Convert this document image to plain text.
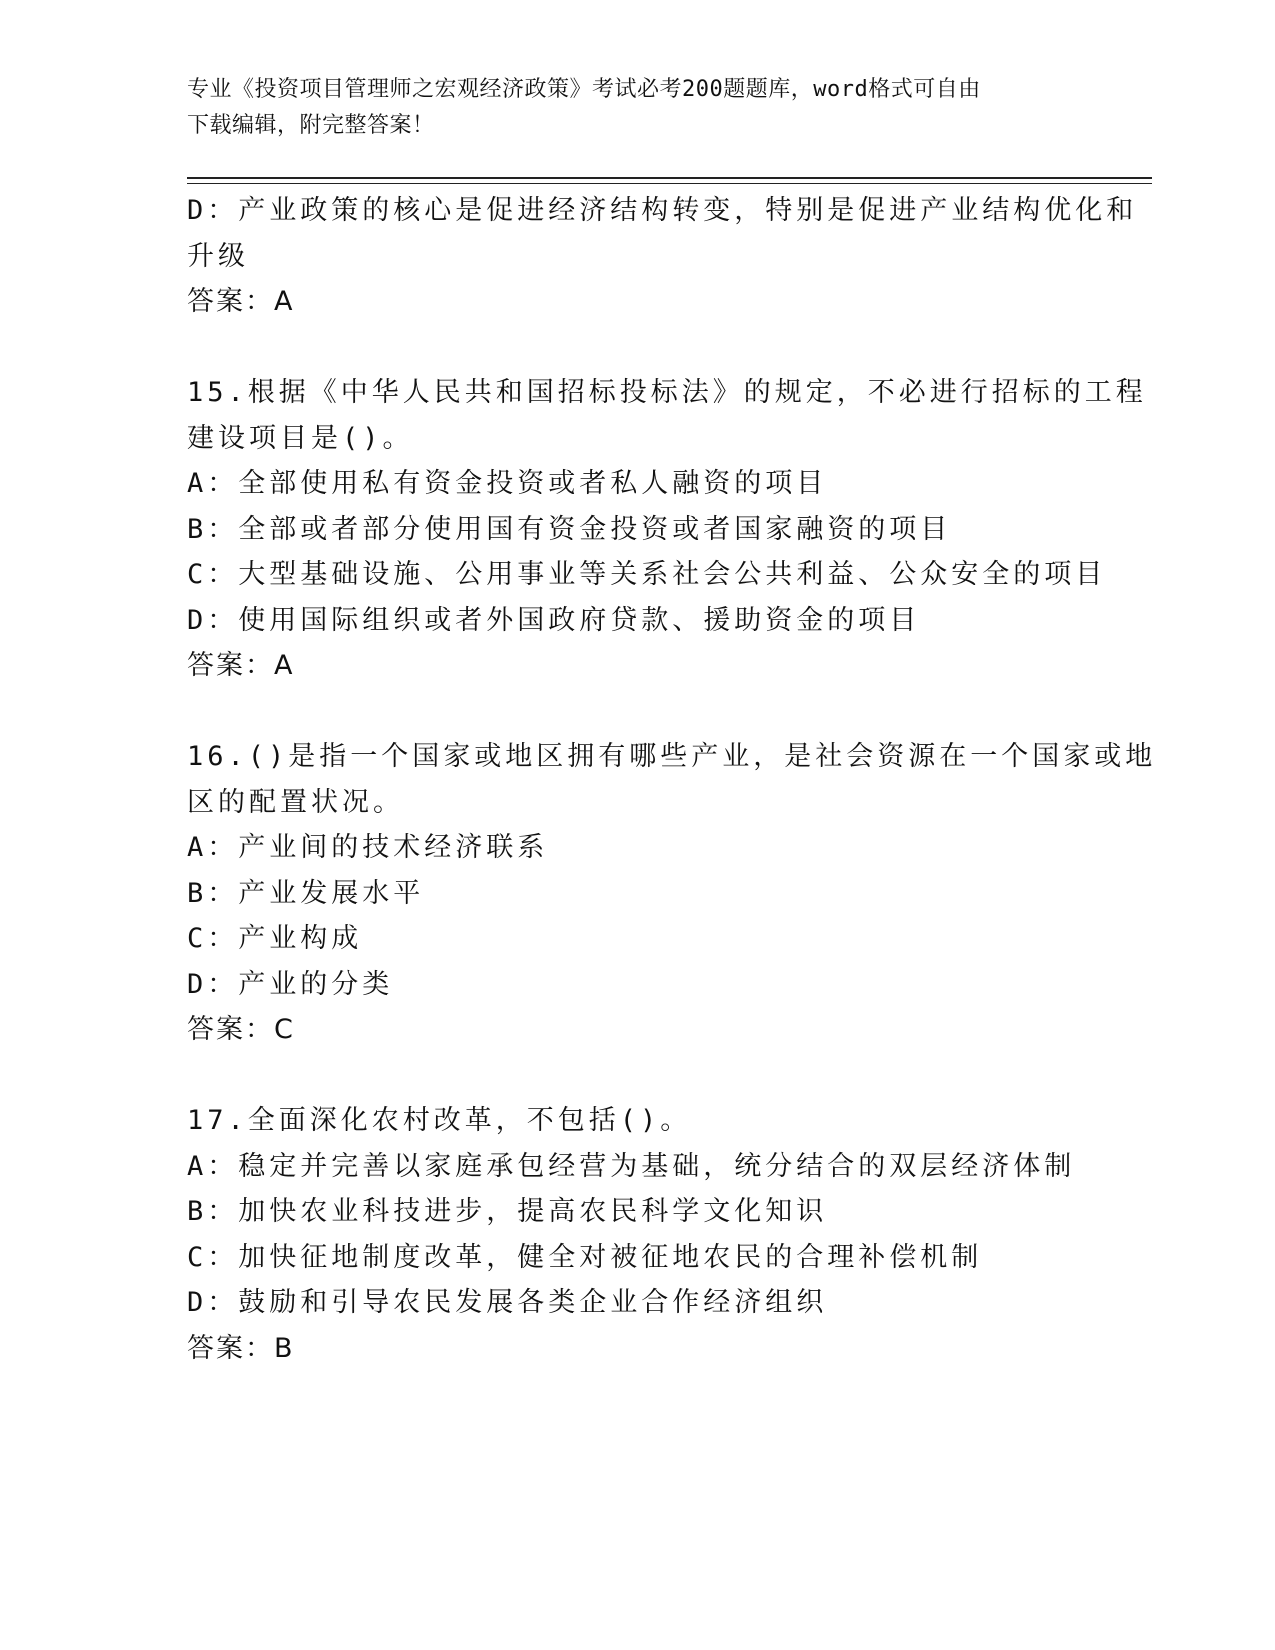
专业《投资项目管理师之宏观经济政策》考试必考200题题库，word格式可自由
下载编辑，附完整答案！

D：产业政策的核心是促进经济结构转变，特别是促进产业结构优化和

升级

答案：A

15.根据《中华人民共和国招标投标法》的规定，不必进行招标的工程

建设项目是()。

A：全部使用私有资金投资或者私人融资的项目

B：全部或者部分使用国有资金投资或者国家融资的项目

C：大型基础设施、公用事业等关系社会公共利益、公众安全的项目

D：使用国际组织或者外国政府贷款、援助资金的项目

答案：A

16.()是指一个国家或地区拥有哪些产业，是社会资源在一个国家或地

区的配置状况。

A：产业间的技术经济联系

B：产业发展水平

C：产业构成

D：产业的分类

答案：C

17.全面深化农村改革，不包括()。

A：稳定并完善以家庭承包经营为基础，统分结合的双层经济体制

B：加快农业科技进步，提高农民科学文化知识

C：加快征地制度改革，健全对被征地农民的合理补偿机制

D：鼓励和引导农民发展各类企业合作经济组织

答案：B
